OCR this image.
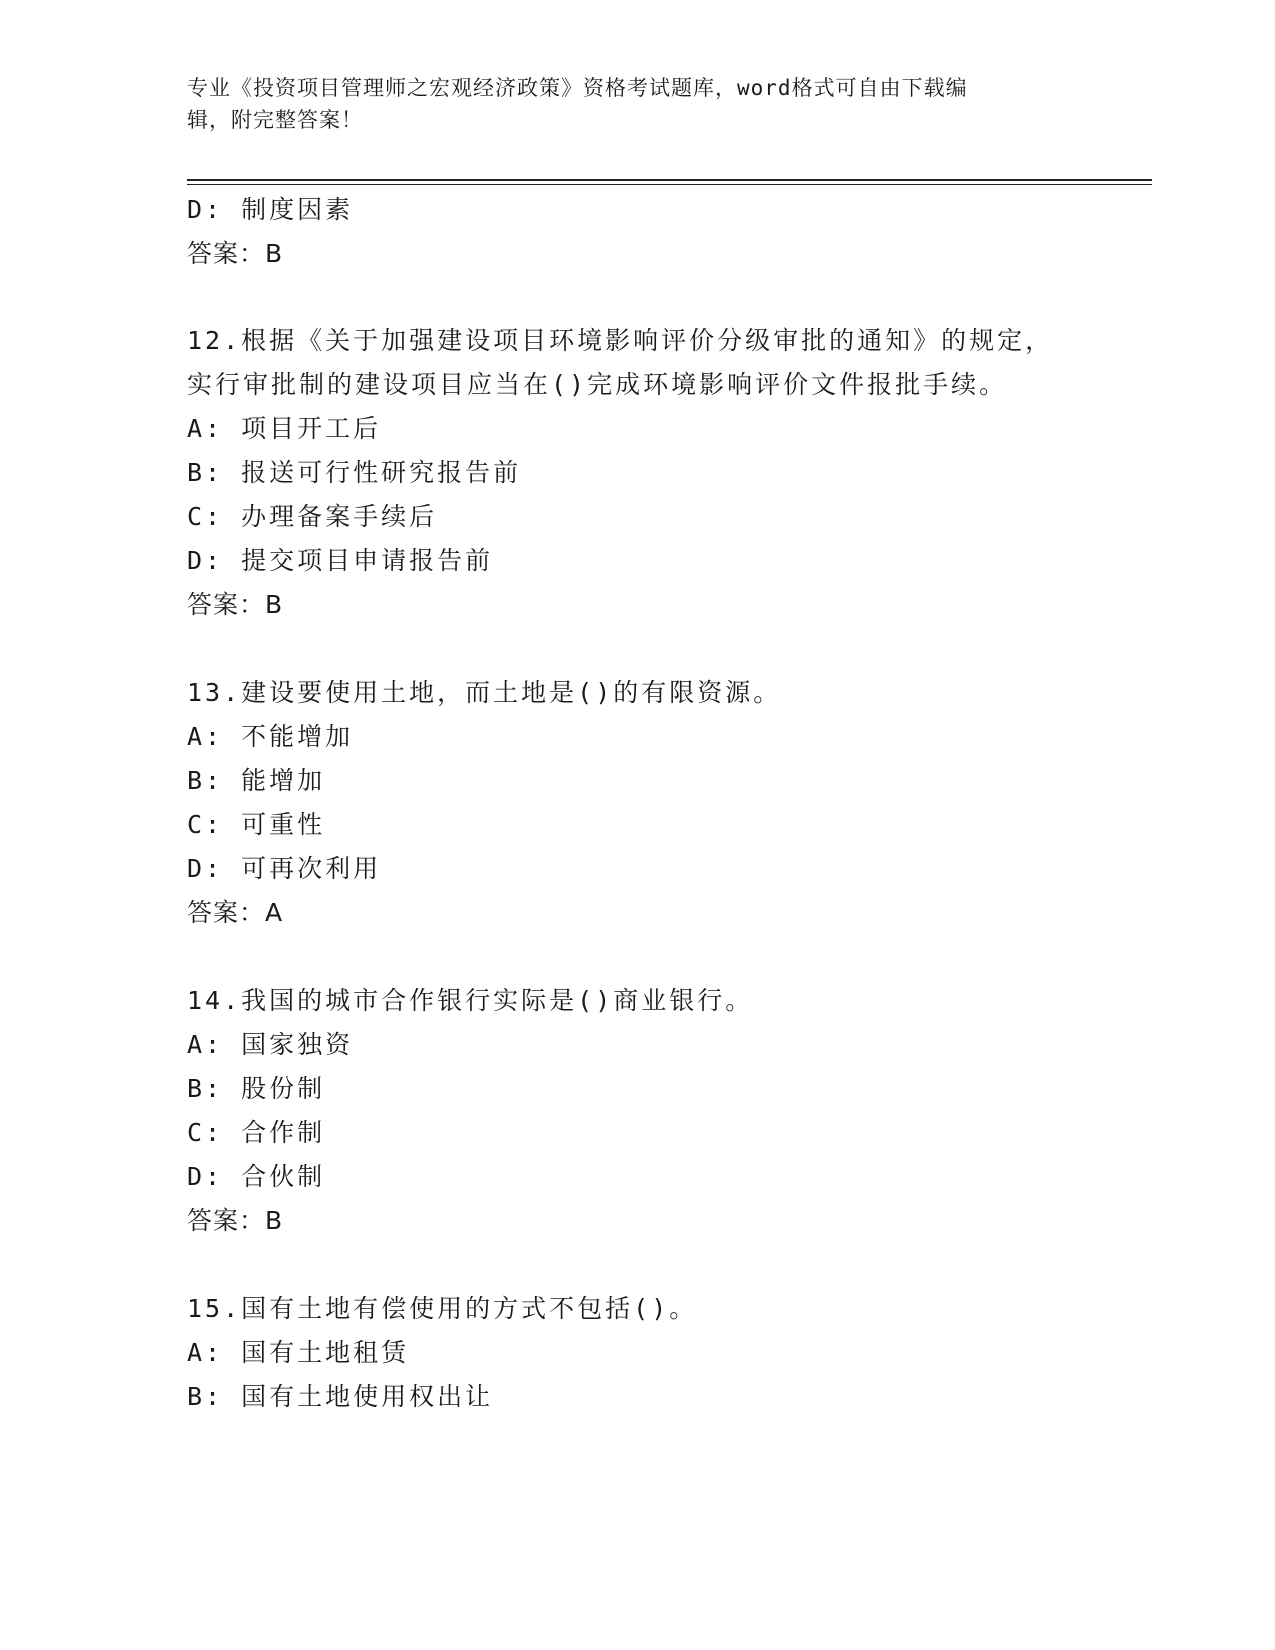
专业《投资项目管理师之宏观经济政策》资格考试题库，word格式可自由下载编
辑，附完整答案！
D: 制度因素
答案：B
12.根据《关于加强建设项目环境影响评价分级审批的通知》的规定，
实行审批制的建设项目应当在()完成环境影响评价文件报批手续。
A: 项目开工后
B: 报送可行性研究报告前
C: 办理备案手续后
D: 提交项目申请报告前
答案：B
13.建设要使用土地，而土地是()的有限资源。
A: 不能增加
B: 能增加
C: 可重性
D: 可再次利用
答案：A
14.我国的城市合作银行实际是()商业银行。
A: 国家独资
B: 股份制
C: 合作制
D: 合伙制
答案：B
15.国有土地有偿使用的方式不包括()。
A: 国有土地租赁
B: 国有土地使用权出让
